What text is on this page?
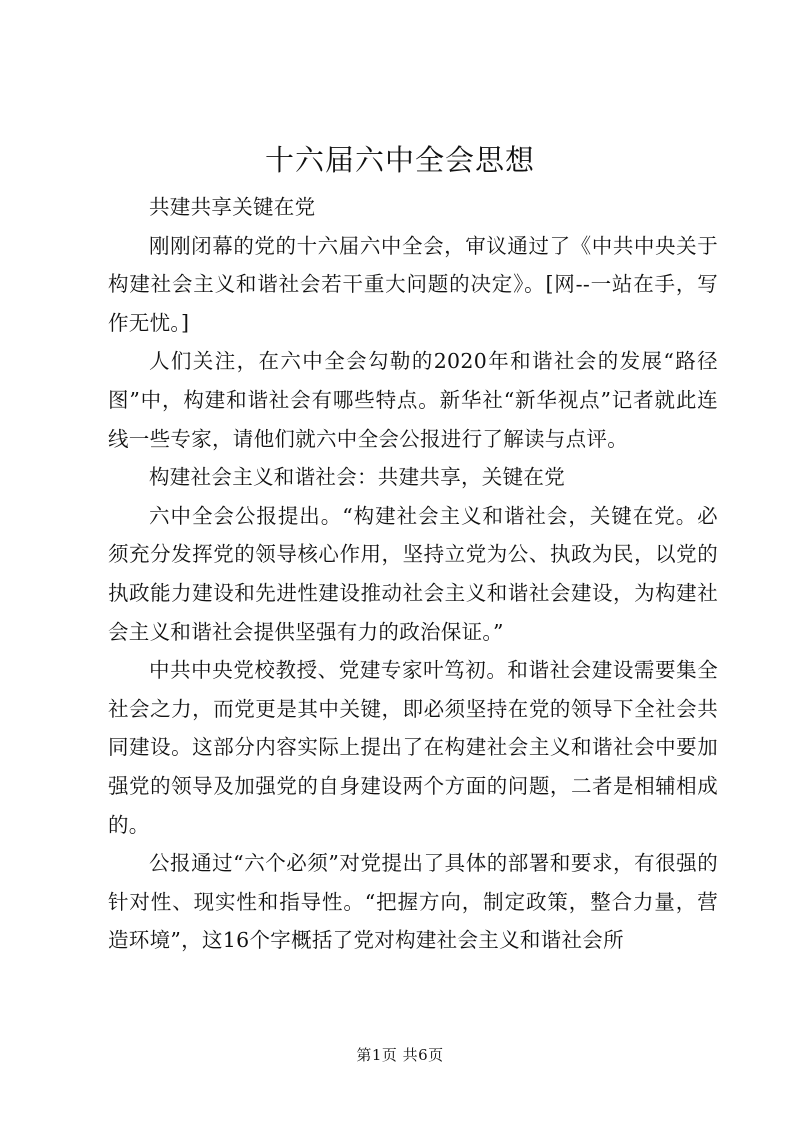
十六届六中全会思想

共建共享关键在党

刚刚闭幕的党的十六届六中全会，审议通过了《中共中央关于构建社会主义和谐社会若干重大问题的决定》。[网--一站在手，写作无忧。]

人们关注，在六中全会勾勒的2020年和谐社会的发展“路径图”中，构建和谐社会有哪些特点。新华社“新华视点”记者就此连线一些专家，请他们就六中全会公报进行了解读与点评。

构建社会主义和谐社会：共建共享，关键在党

六中全会公报提出。“构建社会主义和谐社会，关键在党。必须充分发挥党的领导核心作用，坚持立党为公、执政为民，以党的执政能力建设和先进性建设推动社会主义和谐社会建设，为构建社会主义和谐社会提供坚强有力的政治保证。”

中共中央党校教授、党建专家叶笃初。和谐社会建设需要集全社会之力，而党更是其中关键，即必须坚持在党的领导下全社会共同建设。这部分内容实际上提出了在构建社会主义和谐社会中要加强党的领导及加强党的自身建设两个方面的问题，二者是相辅相成的。

公报通过“六个必须”对党提出了具体的部署和要求，有很强的针对性、现实性和指导性。“把握方向，制定政策，整合力量，营造环境”，这16个字概括了党对构建社会主义和谐社会所

第1页 共6页
